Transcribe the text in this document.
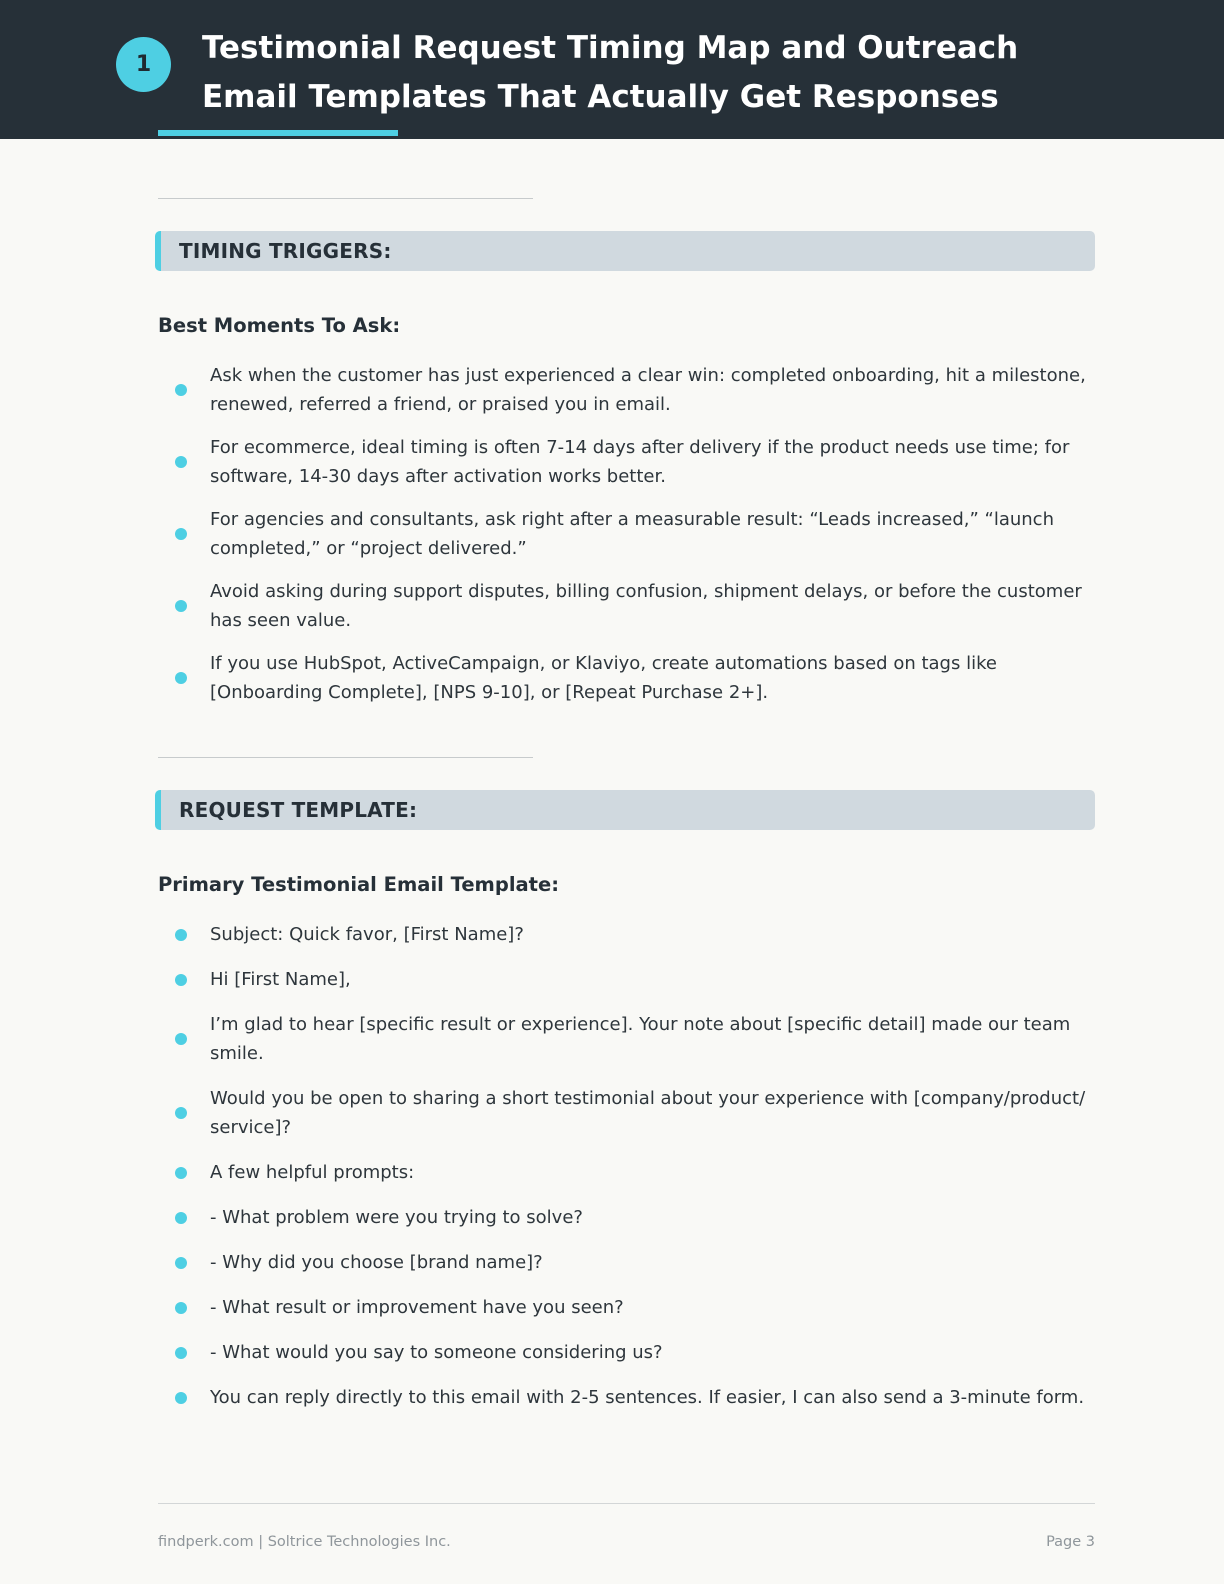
1	Testimonial Request Timing Map and Outreach Email Templates That Actually Get Responses
TIMING TRIGGERS:
Best Moments To Ask:
Ask when the customer has just experienced a clear win: completed onboarding, hit a milestone, renewed, referred a friend, or praised you in email.
For ecommerce, ideal timing is often 7-14 days after delivery if the product needs use time; for software, 14-30 days after activation works better.
For agencies and consultants, ask right after a measurable result: “Leads increased,” “launch completed,” or “project delivered.”
Avoid asking during support disputes, billing confusion, shipment delays, or before the customer has seen value.
If you use HubSpot, ActiveCampaign, or Klaviyo, create automations based on tags like [Onboarding Complete], [NPS 9-10], or [Repeat Purchase 2+].
REQUEST TEMPLATE:
Primary Testimonial Email Template:
Subject: Quick favor, [First Name]?
Hi [First Name],
I’m glad to hear [specific result or experience]. Your note about [specific detail] made our team smile.
Would you be open to sharing a short testimonial about your experience with [company/product/ service]?
A few helpful prompts:
- What problem were you trying to solve?
- Why did you choose [brand name]?
- What result or improvement have you seen?
- What would you say to someone considering us?
You can reply directly to this email with 2-5 sentences. If easier, I can also send a 3-minute form.
findperk.com | Soltrice Technologies Inc.	Page 3
